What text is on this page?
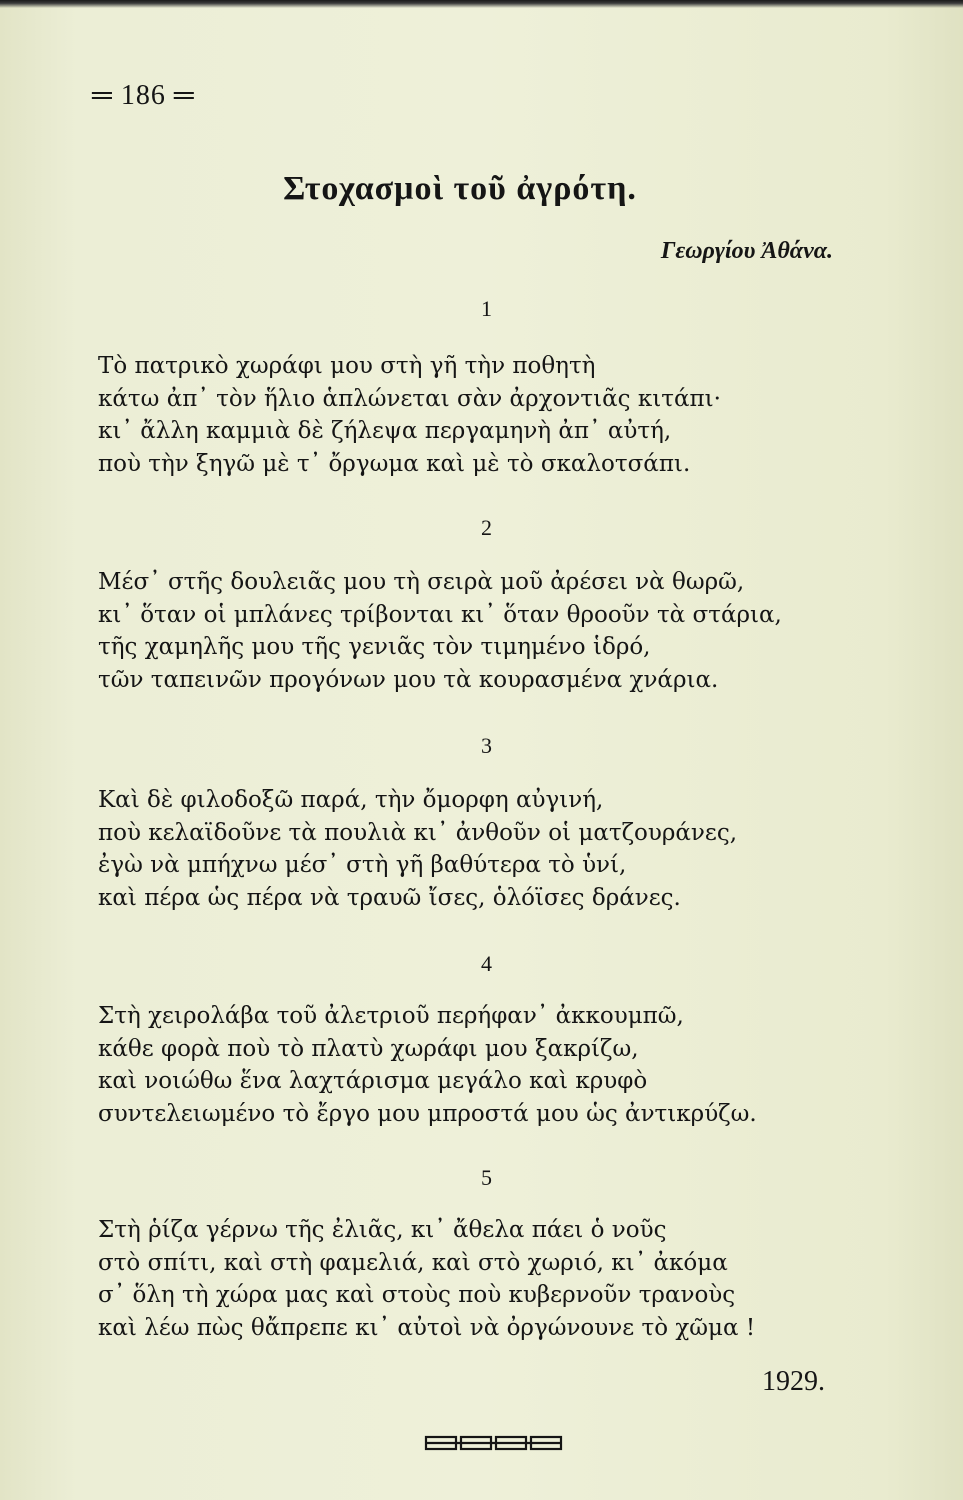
═ 186 ═
Στοχασμοὶ τοῦ ἀγρότη.
Γεωργίου Ἀθάνα.
1
Τὸ πατρικὸ χωράφι μου στὴ γῆ τὴν ποθητὴ
κάτω ἀπ᾿ τὸν ἥλιο ἁπλώνεται σὰν ἀρχοντιᾶς κιτάπι·
κι᾿ ἄλλη καμμιὰ δὲ ζήλεψα περγαμηνὴ ἀπ᾿ αὐτή,
ποὺ τὴν ξηγῶ μὲ τ᾿ ὄργωμα καὶ μὲ τὸ σκαλοτσάπι.
2
Μέσ᾿ στῆς δουλειᾶς μου τὴ σειρὰ μοῦ ἀρέσει νὰ θωρῶ,
κι᾿ ὅταν οἱ μπλάνες τρίβονται κι᾿ ὅταν θροοῦν τὰ στάρια,
τῆς χαμηλῆς μου τῆς γενιᾶς τὸν τιμημένο ἱδρό,
τῶν ταπεινῶν προγόνων μου τὰ κουρασμένα χνάρια.
3
Καὶ δὲ φιλοδοξῶ παρά, τὴν ὄμορφη αὐγινή,
ποὺ κελαϊδοῦνε τὰ πουλιὰ κι᾿ ἀνθοῦν οἱ ματζουράνες,
ἐγὼ νὰ μπήχνω μέσ᾿ στὴ γῆ βαθύτερα τὸ ὑνί,
καὶ πέρα ὡς πέρα νὰ τραυῶ ἴσες, ὁλόϊσες δράνες.
4
Στὴ χειρολάβα τοῦ ἀλετριοῦ περήφαν᾿ ἀκκουμπῶ,
κάθε φορὰ ποὺ τὸ πλατὺ χωράφι μου ξακρίζω,
καὶ νοιώθω ἕνα λαχτάρισμα μεγάλο καὶ κρυφὸ
συντελειωμένο τὸ ἔργο μου μπροστά μου ὡς ἀντικρύζω.
5
Στὴ ῥίζα γέρνω τῆς ἐλιᾶς, κι᾿ ἄθελα πάει ὁ νοῦς
στὸ σπίτι, καὶ στὴ φαμελιά, καὶ στὸ χωριό, κι᾿ ἀκόμα
σ᾿ ὅλη τὴ χώρα μας καὶ στοὺς ποὺ κυβερνοῦν τρανοὺς
καὶ λέω πὼς θἄπρεπε κι᾿ αὐτοὶ νὰ ὀργώνουνε τὸ χῶμα !
1929.
